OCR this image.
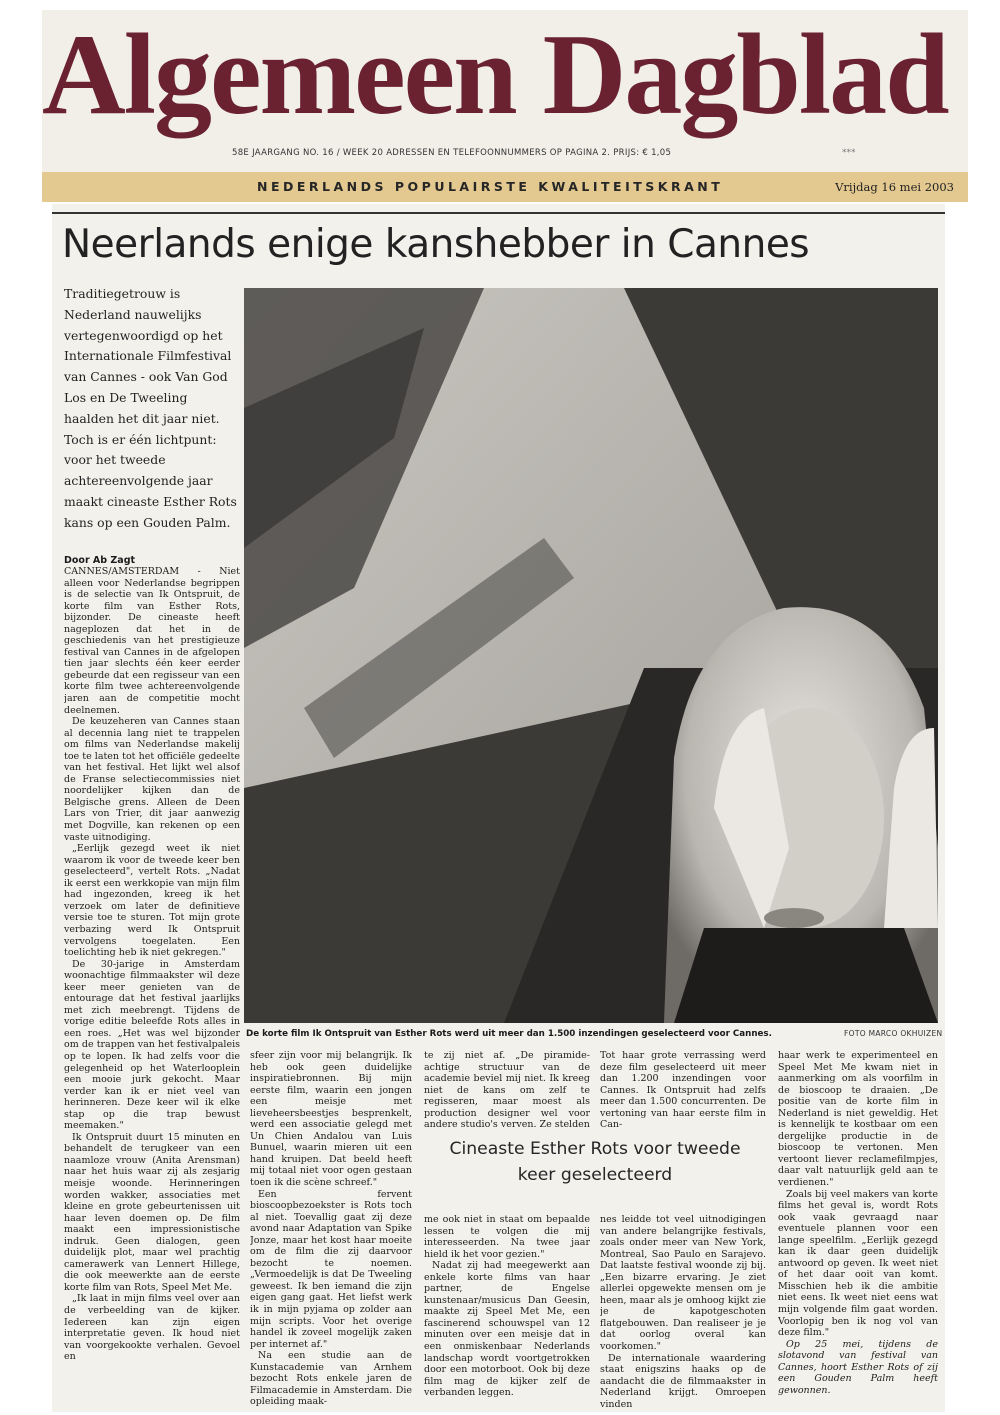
Algemeen Dagblad
58E JAARGANG NO. 16 / WEEK 20 ADRESSEN EN TELEFOONNUMMERS OP PAGINA 2. PRIJS: € 1,05	***
NEDERLANDS POPULAIRSTE KWALITEITSKRANT	Vrijdag 16 mei 2003
Neerlands enige kanshebber in Cannes
Traditiegetrouw is Nederland nauwelijks vertegenwoordigd op het Internationale Filmfestival van Cannes - ook Van God Los en De Tweeling haalden het dit jaar niet. Toch is er één lichtpunt: voor het tweede achtereenvolgende jaar maakt cineaste Esther Rots kans op een Gouden Palm.
Door Ab Zagt
De korte film Ik Ontspruit van Esther Rots werd uit meer dan 1.500 inzendingen geselecteerd voor Cannes.	FOTO MARCO OKHUIZEN

CANNES/AMSTERDAM - Niet alleen voor Nederlandse begrippen is de selectie van Ik Ontspruit, de korte film van Esther Rots, bijzonder. De cineaste heeft nageplozen dat het in de geschiedenis van het prestigieuze festival van Cannes in de afgelopen tien jaar slechts één keer eerder gebeurde dat een regisseur van een korte film twee achtereenvolgende jaren aan de competitie mocht deelnemen.

De keuzeheren van Cannes staan al decennia lang niet te trappelen om films van Nederlandse makelij toe te laten tot het officiële gedeelte van het festival. Het lijkt wel alsof de Franse selectiecommissies niet noordelijker kijken dan de Belgische grens. Alleen de Deen Lars von Trier, dit jaar aanwezig met Dogville, kan rekenen op een vaste uitnodiging.

„Eerlijk gezegd weet ik niet waarom ik voor de tweede keer ben geselecteerd", vertelt Rots. „Nadat ik eerst een werkkopie van mijn film had ingezonden, kreeg ik het verzoek om later de definitieve versie toe te sturen. Tot mijn grote verbazing werd Ik Ontspruit vervolgens toegelaten. Een toelichting heb ik niet gekregen."

De 30-jarige in Amsterdam woonachtige filmmaakster wil deze keer meer genieten van de entourage dat het festival jaarlijks met zich meebrengt. Tijdens de vorige editie beleefde Rots alles in een roes. „Het was wel bijzonder om de trappen van het festivalpaleis op te lopen. Ik had zelfs voor die gelegenheid op het Waterlooplein een mooie jurk gekocht. Maar verder kan ik er niet veel van herinneren. Deze keer wil ik elke stap op die trap bewust meemaken."

Ik Ontspruit duurt 15 minuten en behandelt de terugkeer van een naamloze vrouw (Anita Arensman) naar het huis waar zij als zesjarig meisje woonde. Herinneringen worden wakker, associaties met kleine en grote gebeurtenissen uit haar leven doemen op. De film maakt een impressionistische indruk. Geen dialogen, geen duidelijk plot, maar wel prachtig camerawerk van Lennert Hillege, die ook meewerkte aan de eerste korte film van Rots, Speel Met Me.

„Ik laat in mijn films veel over aan de verbeelding van de kijker. Iedereen kan zijn eigen interpretatie geven. Ik houd niet van voorgekookte verhalen. Gevoel en

sfeer zijn voor mij belangrijk. Ik heb ook geen duidelijke inspiratiebronnen. Bij mijn eerste film, waarin een jongen een meisje met lieveheersbeestjes besprenkelt, werd een associatie gelegd met Un Chien Andalou van Luis Bunuel, waarin mieren uit een hand kruipen. Dat beeld heeft mij totaal niet voor ogen gestaan toen ik die scène schreef."

Een fervent bioscoopbezoekster is Rots toch al niet. Toevallig gaat zij deze avond naar Adaptation van Spike Jonze, maar het kost haar moeite om de film die zij daarvoor bezocht te noemen. „Vermoedelijk is dat De Tweeling geweest. Ik ben iemand die zijn eigen gang gaat. Het liefst werk ik in mijn pyjama op zolder aan mijn scripts. Voor het overige handel ik zoveel mogelijk zaken per internet af."

Na een studie aan de Kunstacademie van Arnhem bezocht Rots enkele jaren de Filmacademie in Amsterdam. Die opleiding maak-

te zij niet af. „De piramide-achtige structuur van de academie beviel mij niet. Ik kreeg niet de kans om zelf te regisseren, maar moest als production designer wel voor andere studio's verven. Ze stelden

me ook niet in staat om bepaalde lessen te volgen die mij interesseerden. Na twee jaar hield ik het voor gezien."

Nadat zij had meegewerkt aan enkele korte films van haar partner, de Engelse kunstenaar/musicus Dan Geesin, maakte zij Speel Met Me, een fascinerend schouwspel van 12 minuten over een meisje dat in een onmiskenbaar Nederlands landschap wordt voortgetrokken door een motorboot. Ook bij deze film mag de kijker zelf de verbanden leggen.

Tot haar grote verrassing werd deze film geselecteerd uit meer dan 1.200 inzendingen voor Cannes. Ik Ontspruit had zelfs meer dan 1.500 concurrenten. De vertoning van haar eerste film in Can-

nes leidde tot veel uitnodigingen van andere belangrijke festivals, zoals onder meer van New York, Montreal, Sao Paulo en Sarajevo. Dat laatste festival woonde zij bij. „Een bizarre ervaring. Je ziet allerlei opgewekte mensen om je heen, maar als je omhoog kijkt zie je de kapotgeschoten flatgebouwen. Dan realiseer je je dat oorlog overal kan voorkomen."

De internationale waardering staat enigszins haaks op de aandacht die de filmmaakster in Nederland krijgt. Omroepen vinden

Cineaste Esther Rots voor tweede keer geselecteerd

haar werk te experimenteel en Speel Met Me kwam niet in aanmerking om als voorfilm in de bioscoop te draaien. „De positie van de korte film in Nederland is niet geweldig. Het is kennelijk te kostbaar om een dergelijke productie in de bioscoop te vertonen. Men vertoont liever reclamefilmpjes, daar valt natuurlijk geld aan te verdienen."

Zoals bij veel makers van korte films het geval is, wordt Rots ook vaak gevraagd naar eventuele plannen voor een lange speelfilm. „Eerlijk gezegd kan ik daar geen duidelijk antwoord op geven. Ik weet niet of het daar ooit van komt. Misschien heb ik die ambitie niet eens. Ik weet niet eens wat mijn volgende film gaat worden. Voorlopig ben ik nog vol van deze film."

Op 25 mei, tijdens de slotavond van festival van Cannes, hoort Esther Rots of zij een Gouden Palm heeft gewonnen.
